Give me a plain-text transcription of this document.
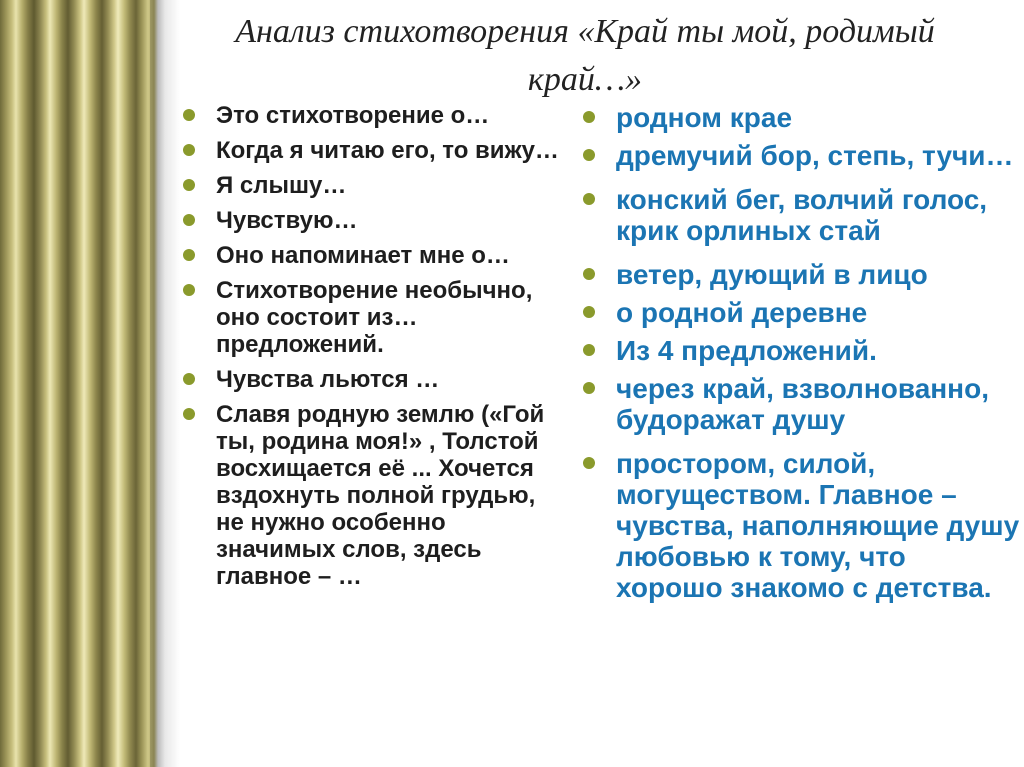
Анализ стихотворения «Край ты мой, родимый край…»
Это стихотворение о…
Когда я читаю его, то вижу…
Я слышу…
Чувствую…
Оно напоминает мне о…
Стихотворение необычно, оно состоит из… предложений.
Чувства льются …
Славя родную землю («Гой ты, родина моя!» , Толстой восхищается её ... Хочется вздохнуть полной грудью, не нужно особенно значимых слов, здесь главное – …
родном крае
дремучий бор, степь, тучи…
конский бег, волчий голос, крик орлиных стай
ветер, дующий в лицо
о родной деревне
Из 4 предложений.
через край, взволнованно, будоражат душу
простором, силой, могуществом. Главное – чувства, наполняющие душу любовью к тому, что хорошо знакомо с детства.
